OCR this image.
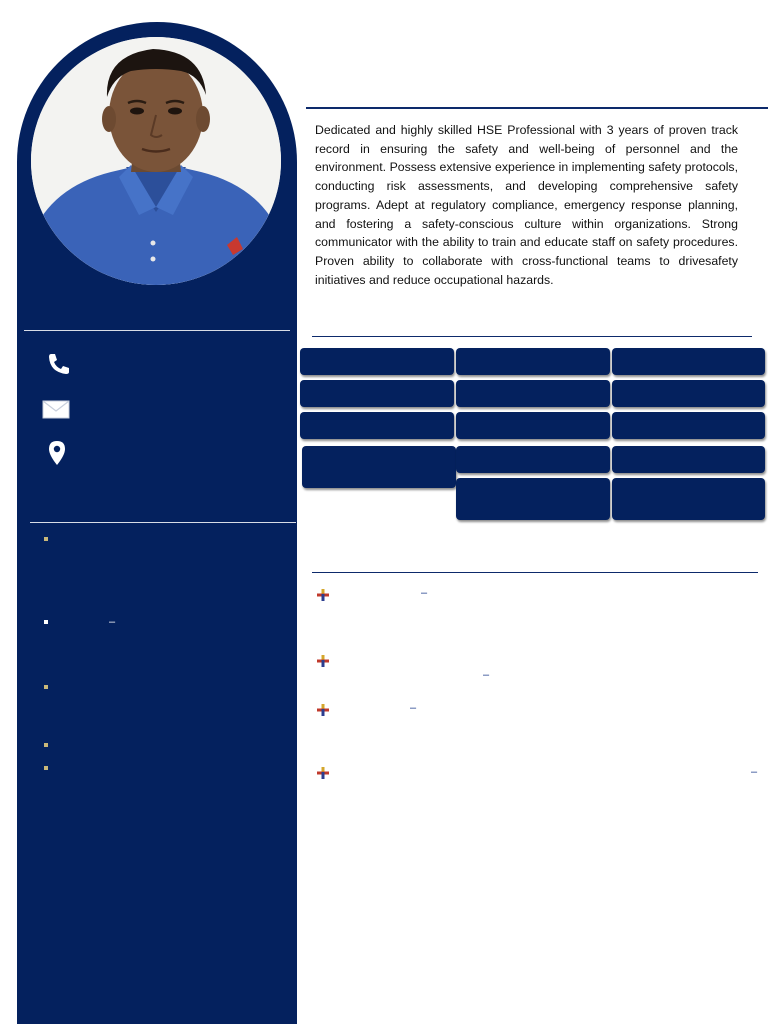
–

Dedicated and highly skilled HSE Professional with 3 years of proven track record in ensuring the safety and well-being of personnel and the environment. Possess extensive experience in implementing safety protocols, conducting risk assessments, and developing comprehensive safety programs. Adept at regulatory compliance, emergency response planning, and fostering a safety-conscious culture within organizations. Strong communicator with the ability to train and educate staff on safety procedures. Proven ability to collaborate with cross-functional teams to drivesafety initiatives and reduce occupational hazards.

–
–
–
–
